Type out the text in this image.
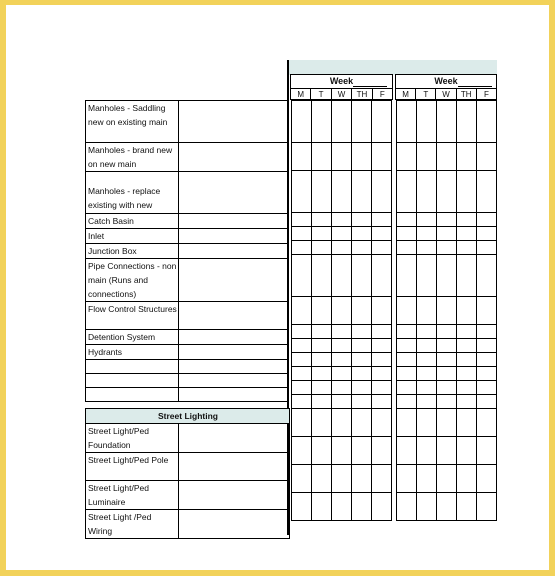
Week
M	T	W	TH	F
Week
M	T	W	TH	F
Manholes - Saddling new on existing main	
Manholes - brand new on new main	
Manholes - replace existing with new	
Catch Basin	
Inlet	
Junction Box	
Pipe Connections - non main (Runs and connections)	
Flow Control Structures	
Detention System	
Hydrants	

Street Lighting	
Street Light/Ped Foundation	
Street Light/Ped Pole	
Street Light/Ped Luminaire	
Street Light /Ped Wiring	
